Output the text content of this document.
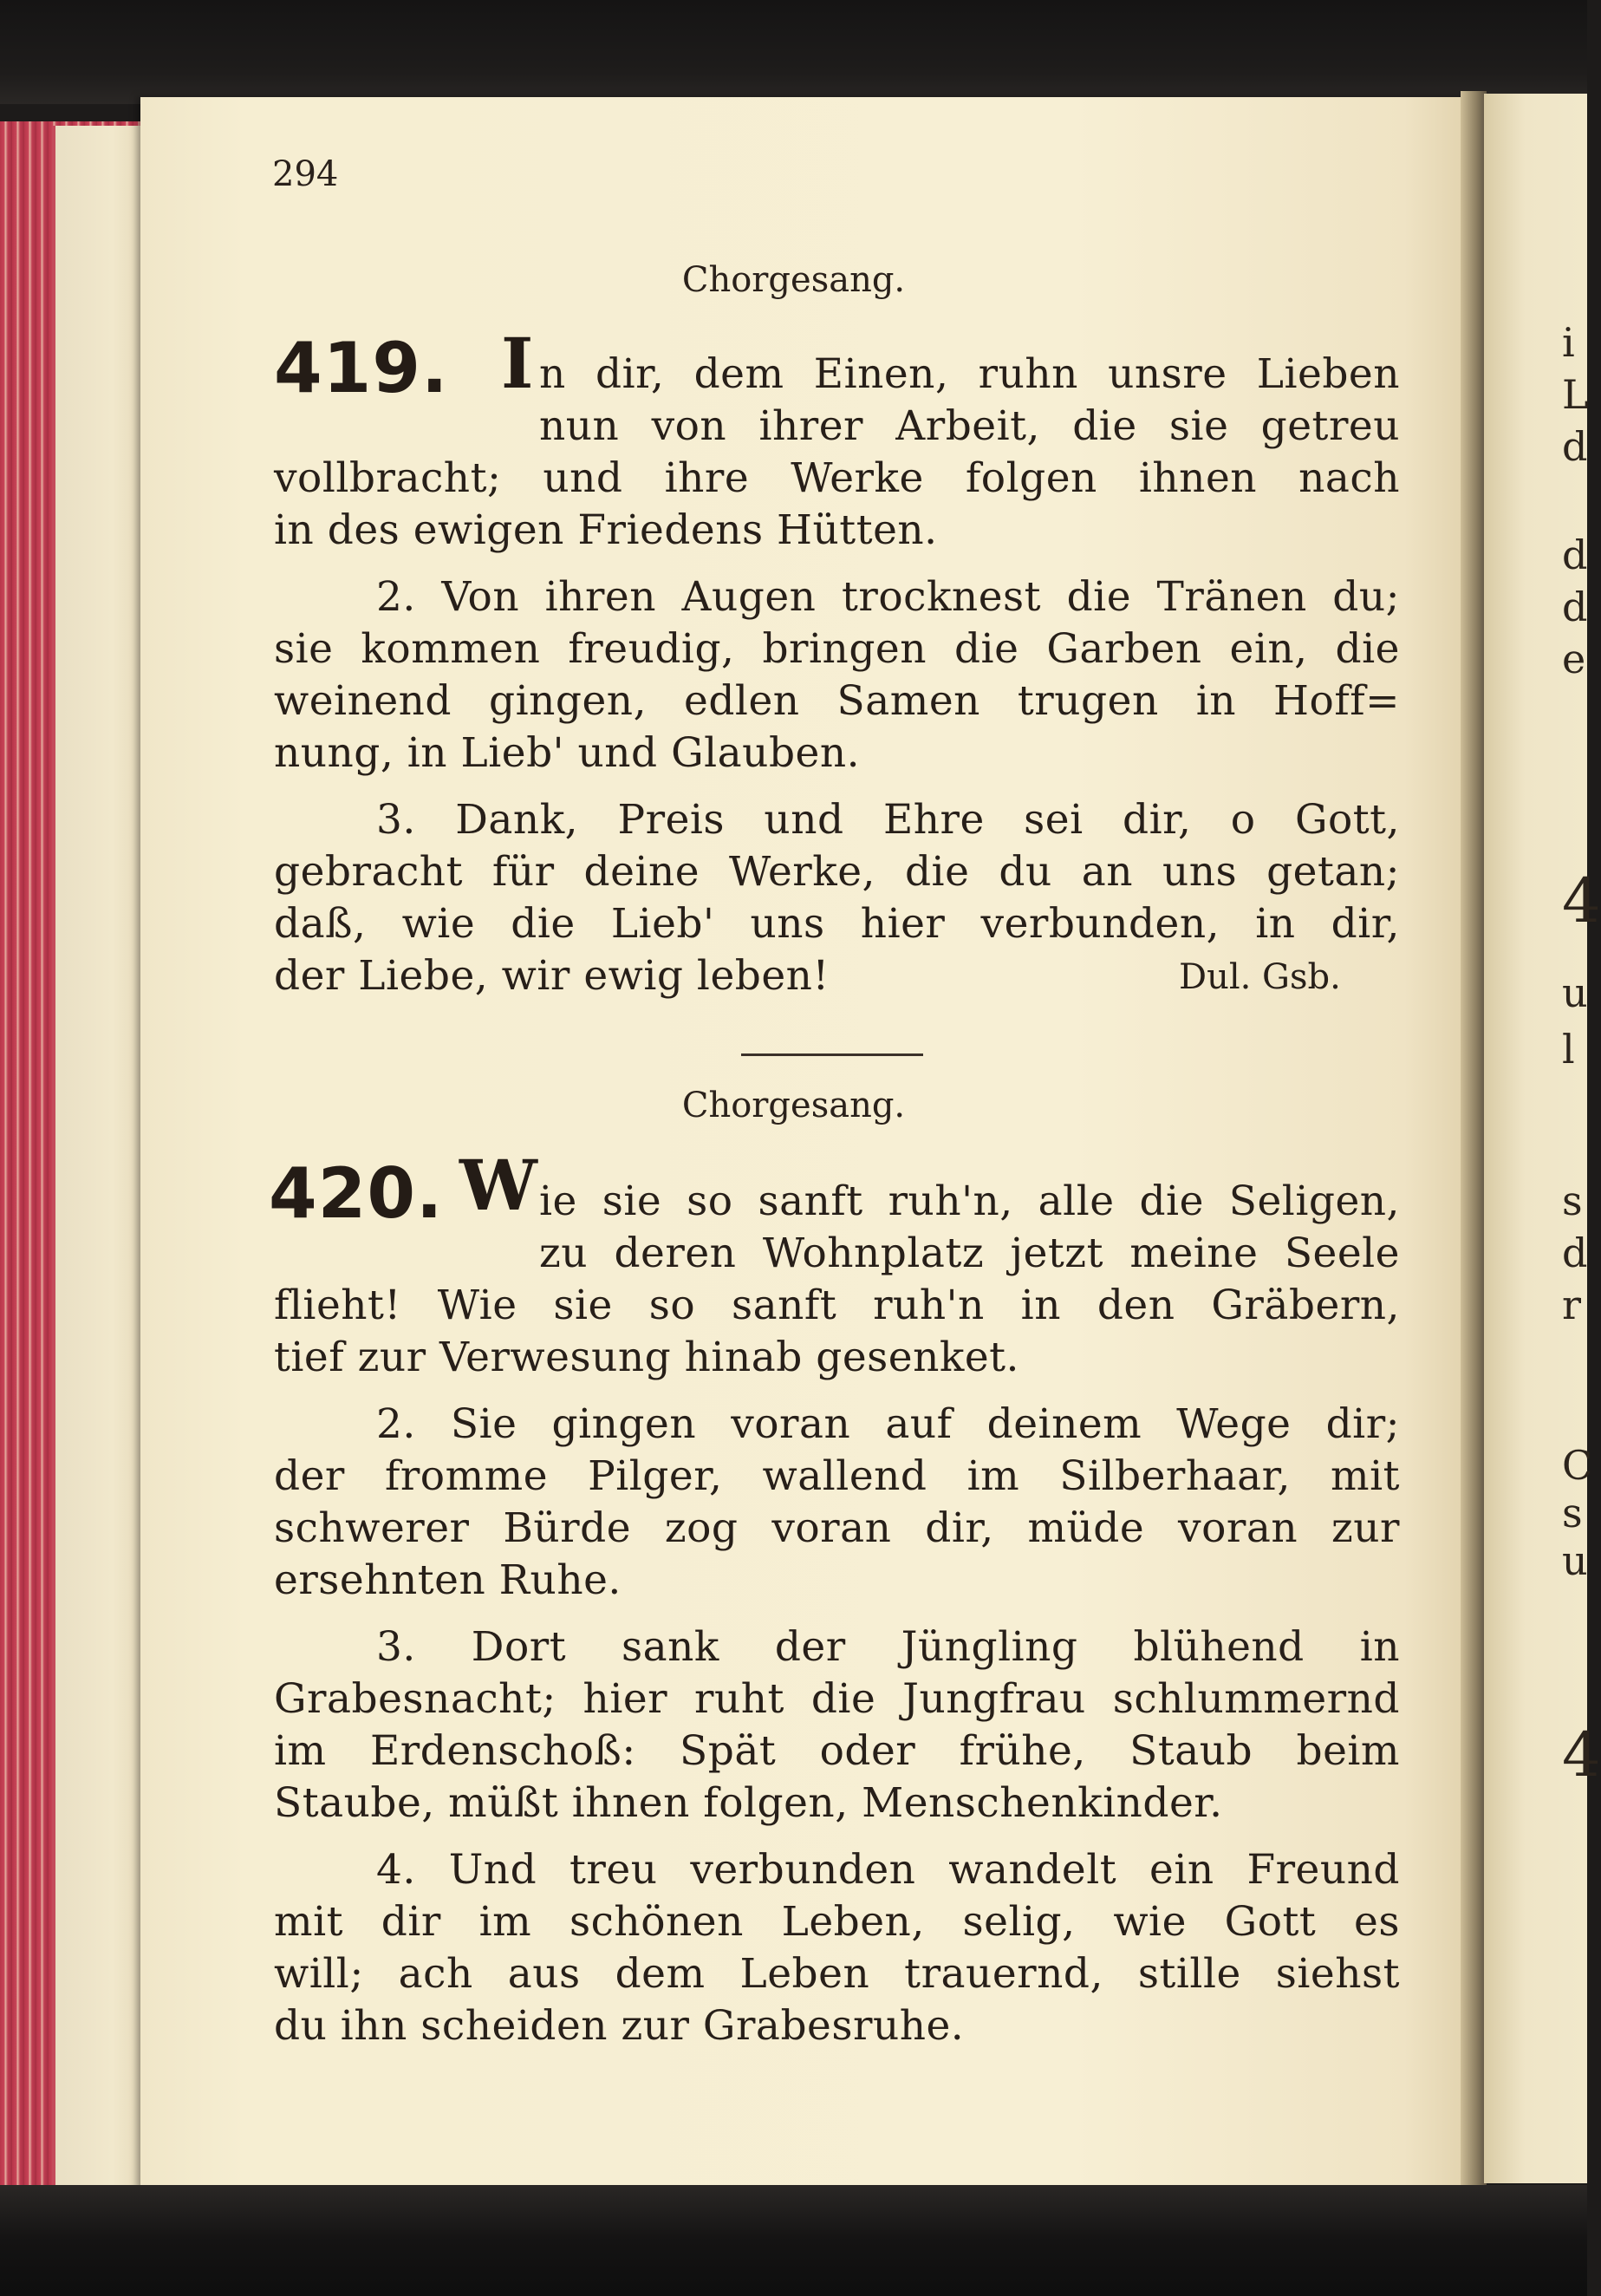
i
L
d
d
d
e
4
u
l
s
d
r
C
s
u
4
294
Chorgesang.
419. I n dir, dem Einen, ruhn unsre Lieben
nun von ihrer Arbeit, die sie getreu
vollbracht; und ihre Werke folgen ihnen nach
in des ewigen Friedens Hütten.
2. Von ihren Augen trocknest die Tränen du;
sie kommen freudig, bringen die Garben ein, die
weinend gingen, edlen Samen trugen in Hoff=
nung, in Lieb' und Glauben.
3. Dank, Preis und Ehre sei dir, o Gott,
gebracht für deine Werke, die du an uns getan;
daß, wie die Lieb' uns hier verbunden, in dir,
der Liebe, wir ewig leben!	Dul. Gsb.
Chorgesang.
420. W ie sie so sanft ruh'n, alle die Seligen,
zu deren Wohnplatz jetzt meine Seele
flieht! Wie sie so sanft ruh'n in den Gräbern,
tief zur Verwesung hinab gesenket.
2. Sie gingen voran auf deinem Wege dir;
der fromme Pilger, wallend im Silberhaar, mit
schwerer Bürde zog voran dir, müde voran zur
ersehnten Ruhe.
3. Dort sank der Jüngling blühend in
Grabesnacht; hier ruht die Jungfrau schlummernd
im Erdenschoß: Spät oder frühe, Staub beim
Staube, müßt ihnen folgen, Menschenkinder.
4. Und treu verbunden wandelt ein Freund
mit dir im schönen Leben, selig, wie Gott es
will; ach aus dem Leben trauernd, stille siehst
du ihn scheiden zur Grabesruhe.
